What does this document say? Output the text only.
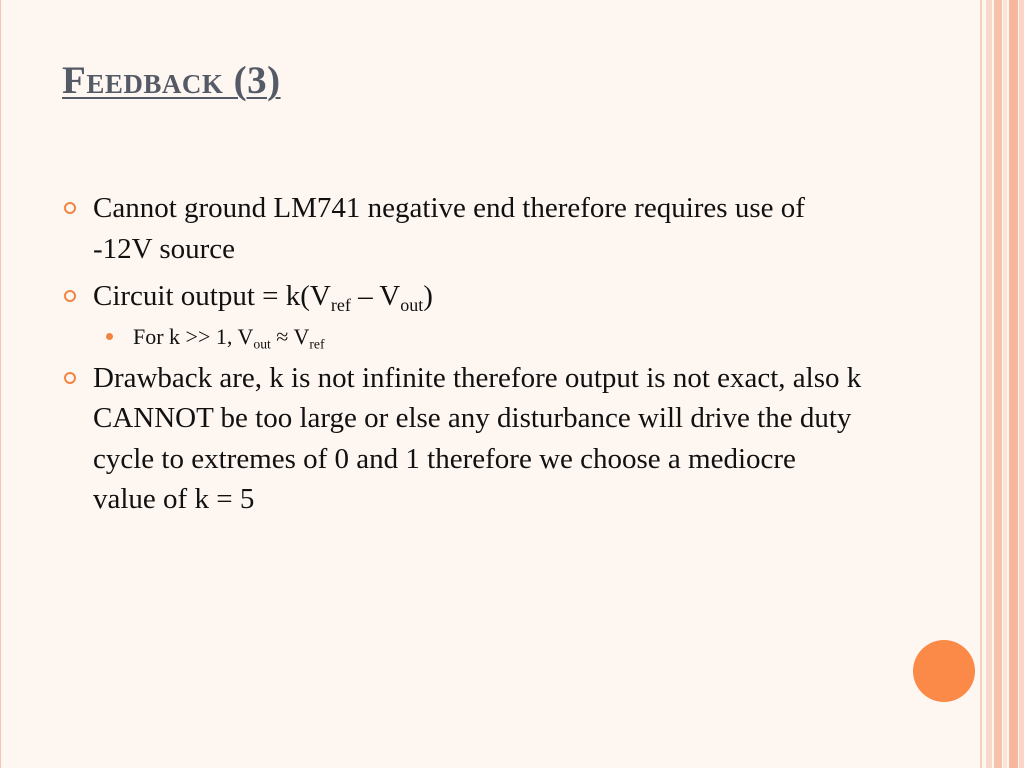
Feedback (3)
Cannot ground LM741 negative end therefore requires use of -12V source
Circuit output = $k(V_{ref} - V_{out})$
For k >> 1, $V_{out} \approx V_{ref}$
Drawback are, k is not infinite therefore output is not exact, also k CANNOT be too large or else any disturbance will drive the duty cycle to extremes of 0 and 1 therefore we choose a mediocre value of k = 5
